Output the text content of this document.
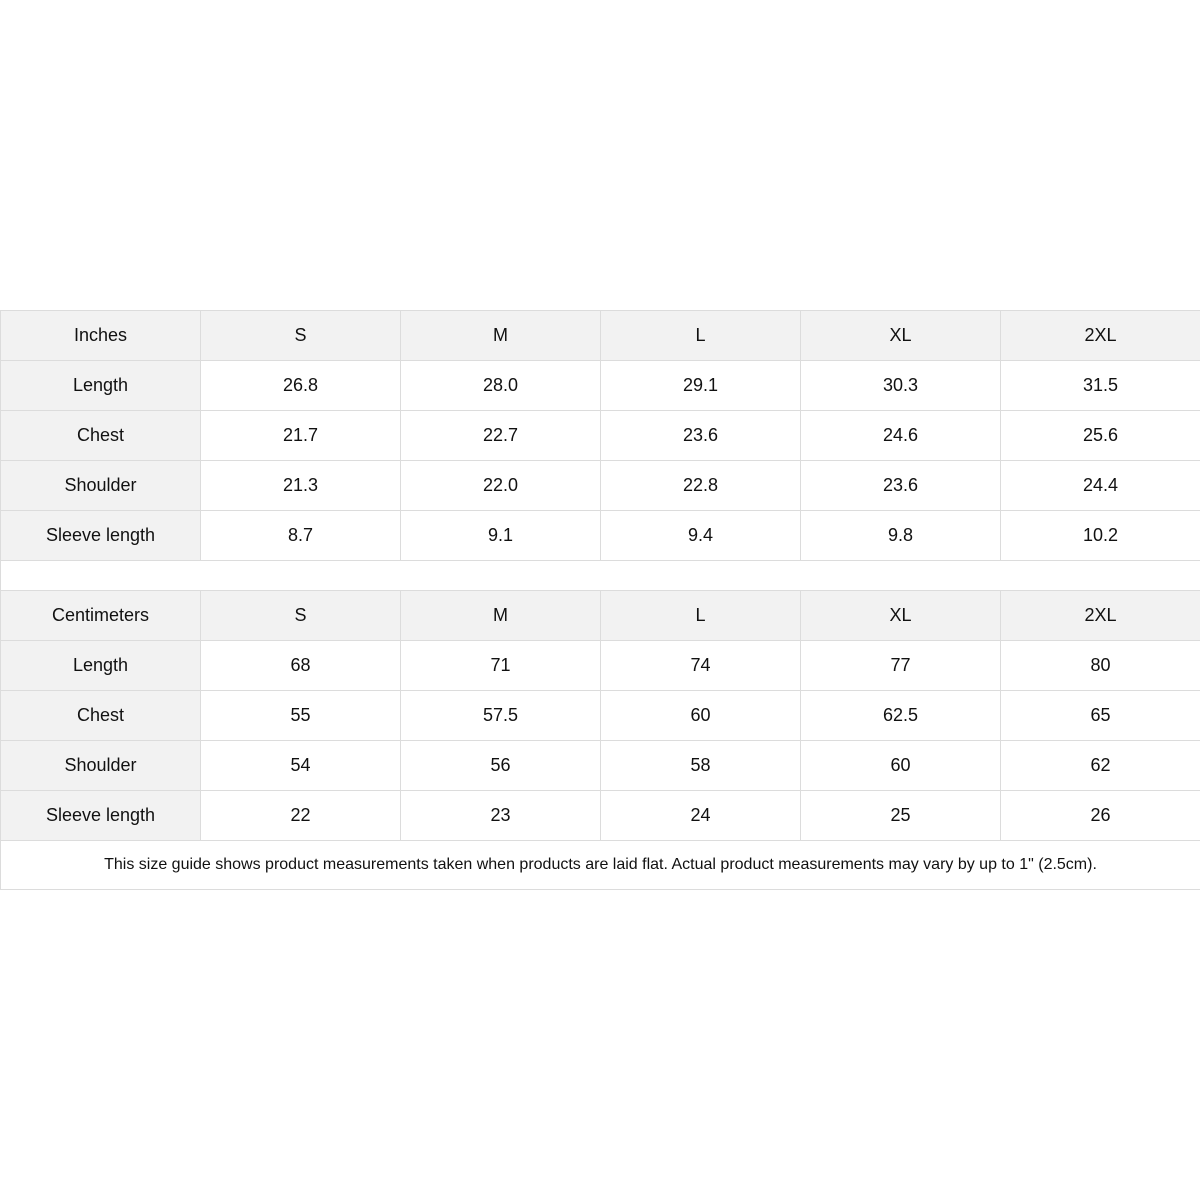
Inches	S	M	L	XL	2XL
Length	26.8	28.0	29.1	30.3	31.5
Chest	21.7	22.7	23.6	24.6	25.6
Shoulder	21.3	22.0	22.8	23.6	24.4
Sleeve length	8.7	9.1	9.4	9.8	10.2

Centimeters	S	M	L	XL	2XL
Length	68	71	74	77	80
Chest	55	57.5	60	62.5	65
Shoulder	54	56	58	60	62
Sleeve length	22	23	24	25	26
This size guide shows product measurements taken when products are laid flat. Actual product measurements may vary by up to 1" (2.5cm).					
